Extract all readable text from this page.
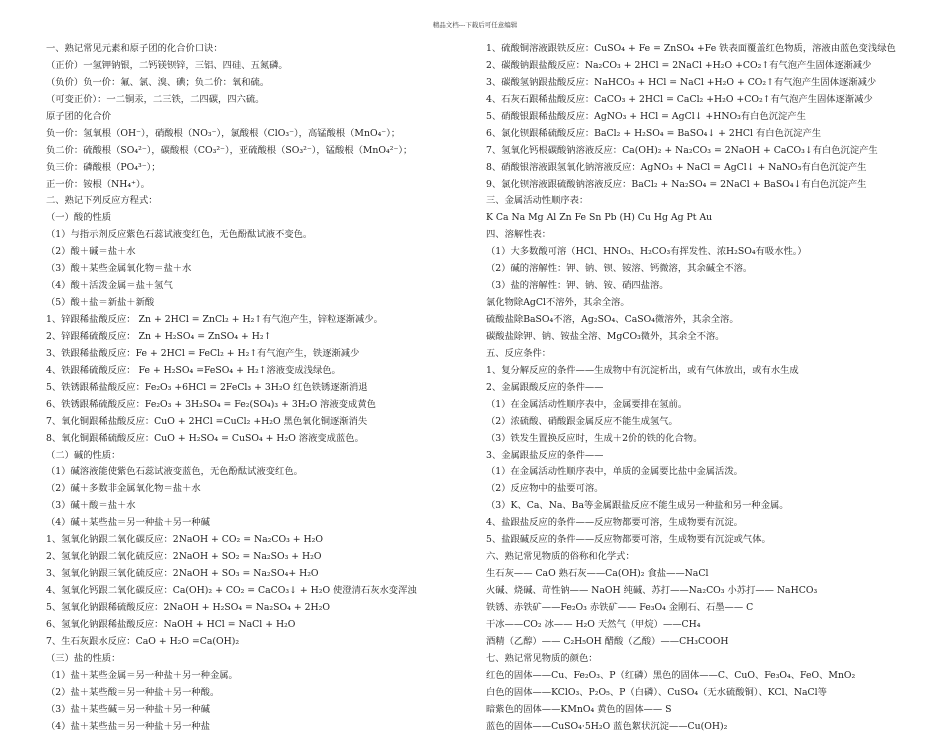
精品文档---下载后可任意编辑
一、熟记常见元素和原子团的化合价口诀：
（正价）一氢钾钠银，二钙镁钡锌，三铝、四硅、五氮磷。
（负价）负一价：氟、氯、溴、碘；负二价：氧和硫。
（可变正价）：一二铜汞，二三铁，二四碳，四六硫。
原子团的化合价
负一价：氢氧根（OH⁻），硝酸根（NO₃⁻），氯酸根（ClO₃⁻），高锰酸根（MnO₄⁻）；
负二价：硫酸根（SO₄²⁻），碳酸根（CO₃²⁻），亚硫酸根（SO₃²⁻），锰酸根（MnO₄²⁻）；
负三价：磷酸根（PO₄³⁻）；
正一价：铵根（NH₄⁺）。
二、熟记下列反应方程式：
（一）酸的性质
（1）与指示剂反应紫色石蕊试液变红色，无色酚酞试液不变色。
（2）酸＋碱＝盐＋水
（3）酸＋某些金属氧化物＝盐＋水
（4）酸＋活泼金属＝盐＋氢气
（5）酸＋盐＝新盐＋新酸
1、锌跟稀盐酸反应： Zn + 2HCl = ZnCl₂ + H₂↑有气泡产生，锌粒逐渐减少。
2、锌跟稀硫酸反应： Zn + H₂SO₄ = ZnSO₄ + H₂↑
3、铁跟稀盐酸反应：Fe + 2HCl = FeCl₂ + H₂↑有气泡产生，铁逐渐减少
4、铁跟稀硫酸反应： Fe + H₂SO₄ =FeSO₄ + H₂↑溶液变成浅绿色。
5、铁锈跟稀盐酸反应：Fe₂O₃ +6HCl = 2FeCl₃ + 3H₂O 红色铁锈逐渐消退
6、铁锈跟稀硫酸反应：Fe₂O₃ + 3H₂SO₄ = Fe₂(SO₄)₃ + 3H₂O 溶液变成黄色
7、氧化铜跟稀盐酸反应：CuO + 2HCl =CuCl₂ +H₂O 黑色氧化铜逐渐消失
8、氧化铜跟稀硫酸反应：CuO + H₂SO₄ = CuSO₄ + H₂O 溶液变成蓝色。
（二）碱的性质：
（1）碱溶液能使紫色石蕊试液变蓝色，无色酚酞试液变红色。
（2）碱＋多数非金属氧化物＝盐＋水
（3）碱＋酸＝盐＋水
（4）碱＋某些盐＝另一种盐＋另一种碱
1、氢氧化钠跟二氧化碳反应：2NaOH + CO₂ = Na₂CO₃ + H₂O
2、氢氧化钠跟二氧化硫反应：2NaOH + SO₂ = Na₂SO₃ + H₂O
3、氢氧化钠跟三氧化硫反应：2NaOH + SO₃ = Na₂SO₄+ H₂O
4、氢氧化钙跟二氧化碳反应：Ca(OH)₂ + CO₂ = CaCO₃↓ + H₂O 使澄清石灰水变浑浊
5、氢氧化钠跟稀硫酸反应：2NaOH + H₂SO₄ = Na₂SO₄ + 2H₂O
6、氢氧化钠跟稀盐酸反应：NaOH + HCl = NaCl + H₂O
7、生石灰跟水反应：CaO + H₂O =Ca(OH)₂
（三）盐的性质：
（1）盐＋某些金属＝另一种盐＋另一种金属。
（2）盐＋某些酸＝另一种盐＋另一种酸。
（3）盐＋某些碱＝另一种盐＋另一种碱
（4）盐＋某些盐＝另一种盐＋另一种盐
1、硫酸铜溶液跟铁反应：CuSO₄ + Fe = ZnSO₄ +Fe 铁表面覆盖红色物质，溶液由蓝色变浅绿色
2、碳酸钠跟盐酸反应：Na₂CO₃ + 2HCl = 2NaCl +H₂O +CO₂↑有气泡产生固体逐渐减少
3、碳酸氢钠跟盐酸反应：NaHCO₃ + HCl = NaCl +H₂O + CO₂↑有气泡产生固体逐渐减少
4、石灰石跟稀盐酸反应：CaCO₃ + 2HCl = CaCl₂ +H₂O +CO₂↑有气泡产生固体逐渐减少
5、硝酸银跟稀盐酸反应：AgNO₃ + HCl = AgCl↓ +HNO₃有白色沉淀产生
6、氯化钡跟稀硫酸反应：BaCl₂ + H₂SO₄ = BaSO₄↓ + 2HCl 有白色沉淀产生
7、氢氧化钙根碳酸钠溶液反应：Ca(OH)₂ + Na₂CO₃ = 2NaOH + CaCO₃↓有白色沉淀产生
8、硝酸银溶液跟氢氧化钠溶液反应：AgNO₃ + NaCl = AgCl↓ + NaNO₃有白色沉淀产生
9、氯化钡溶液跟硫酸钠溶液反应：BaCl₂ + Na₂SO₄ = 2NaCl + BaSO₄↓有白色沉淀产生
三、金属活动性顺序表：
K Ca Na Mg Al Zn Fe Sn Pb (H) Cu Hg Ag Pt Au
四、溶解性表：
（1）大多数酸可溶（HCl、HNO₃、H₂CO₃有挥发性、浓H₂SO₄有吸水性。）
（2）碱的溶解性：钾、钠、钡、铵溶、钙微溶，其余碱全不溶。
（3）盐的溶解性：钾、钠、铵、硝四盐溶。
氯化物除AgCl不溶外，其余全溶。
硫酸盐除BaSO₄不溶，Ag₂SO₄、CaSO₄微溶外，其余全溶。
碳酸盐除钾、钠、铵盐全溶、MgCO₃微外，其余全不溶。
五、反应条件：
1、复分解反应的条件——生成物中有沉淀析出，或有气体放出，或有水生成
2、金属跟酸反应的条件——
（1）在金属活动性顺序表中，金属要排在氢前。
（2）浓硫酸、硝酸跟金属反应不能生成氢气。
（3）铁发生置换反应时，生成＋2价的铁的化合物。
3、金属跟盐反应的条件——
（1）在金属活动性顺序表中，单质的金属要比盐中金属活泼。
（2）反应物中的盐要可溶。
（3）K、Ca、Na、Ba等金属跟盐反应不能生成另一种盐和另一种金属。
4、盐跟盐反应的条件——反应物都要可溶，生成物要有沉淀。
5、盐跟碱反应的条件——反应物都要可溶，生成物要有沉淀或气体。
六、熟记常见物质的俗称和化学式：
生石灰—— CaO 熟石灰——Ca(OH)₂ 食盐——NaCl
火碱、烧碱、苛性钠—— NaOH 纯碱、苏打——Na₂CO₃ 小苏打—— NaHCO₃
铁锈、赤铁矿——Fe₂O₃ 赤铁矿—— Fe₃O₄ 金刚石、石墨—— C
干冰——CO₂ 冰—— H₂O 天然气（甲烷）——CH₄
酒精（乙醇）—— C₂H₅OH 醋酸（乙酸）——CH₃COOH
七、熟记常见物质的颜色：
红色的固体——Cu、Fe₂O₃、P（红磷）黑色的固体——C、CuO、Fe₃O₄、FeO、MnO₂
白色的固体——KClO₃、P₂O₅、P（白磷）、CuSO₄（无水硫酸铜）、KCl、NaCl等
暗紫色的固体——KMnO₄ 黄色的固体—— S
蓝色的固体——CuSO₄·5H₂O 蓝色絮状沉淀——Cu(OH)₂
